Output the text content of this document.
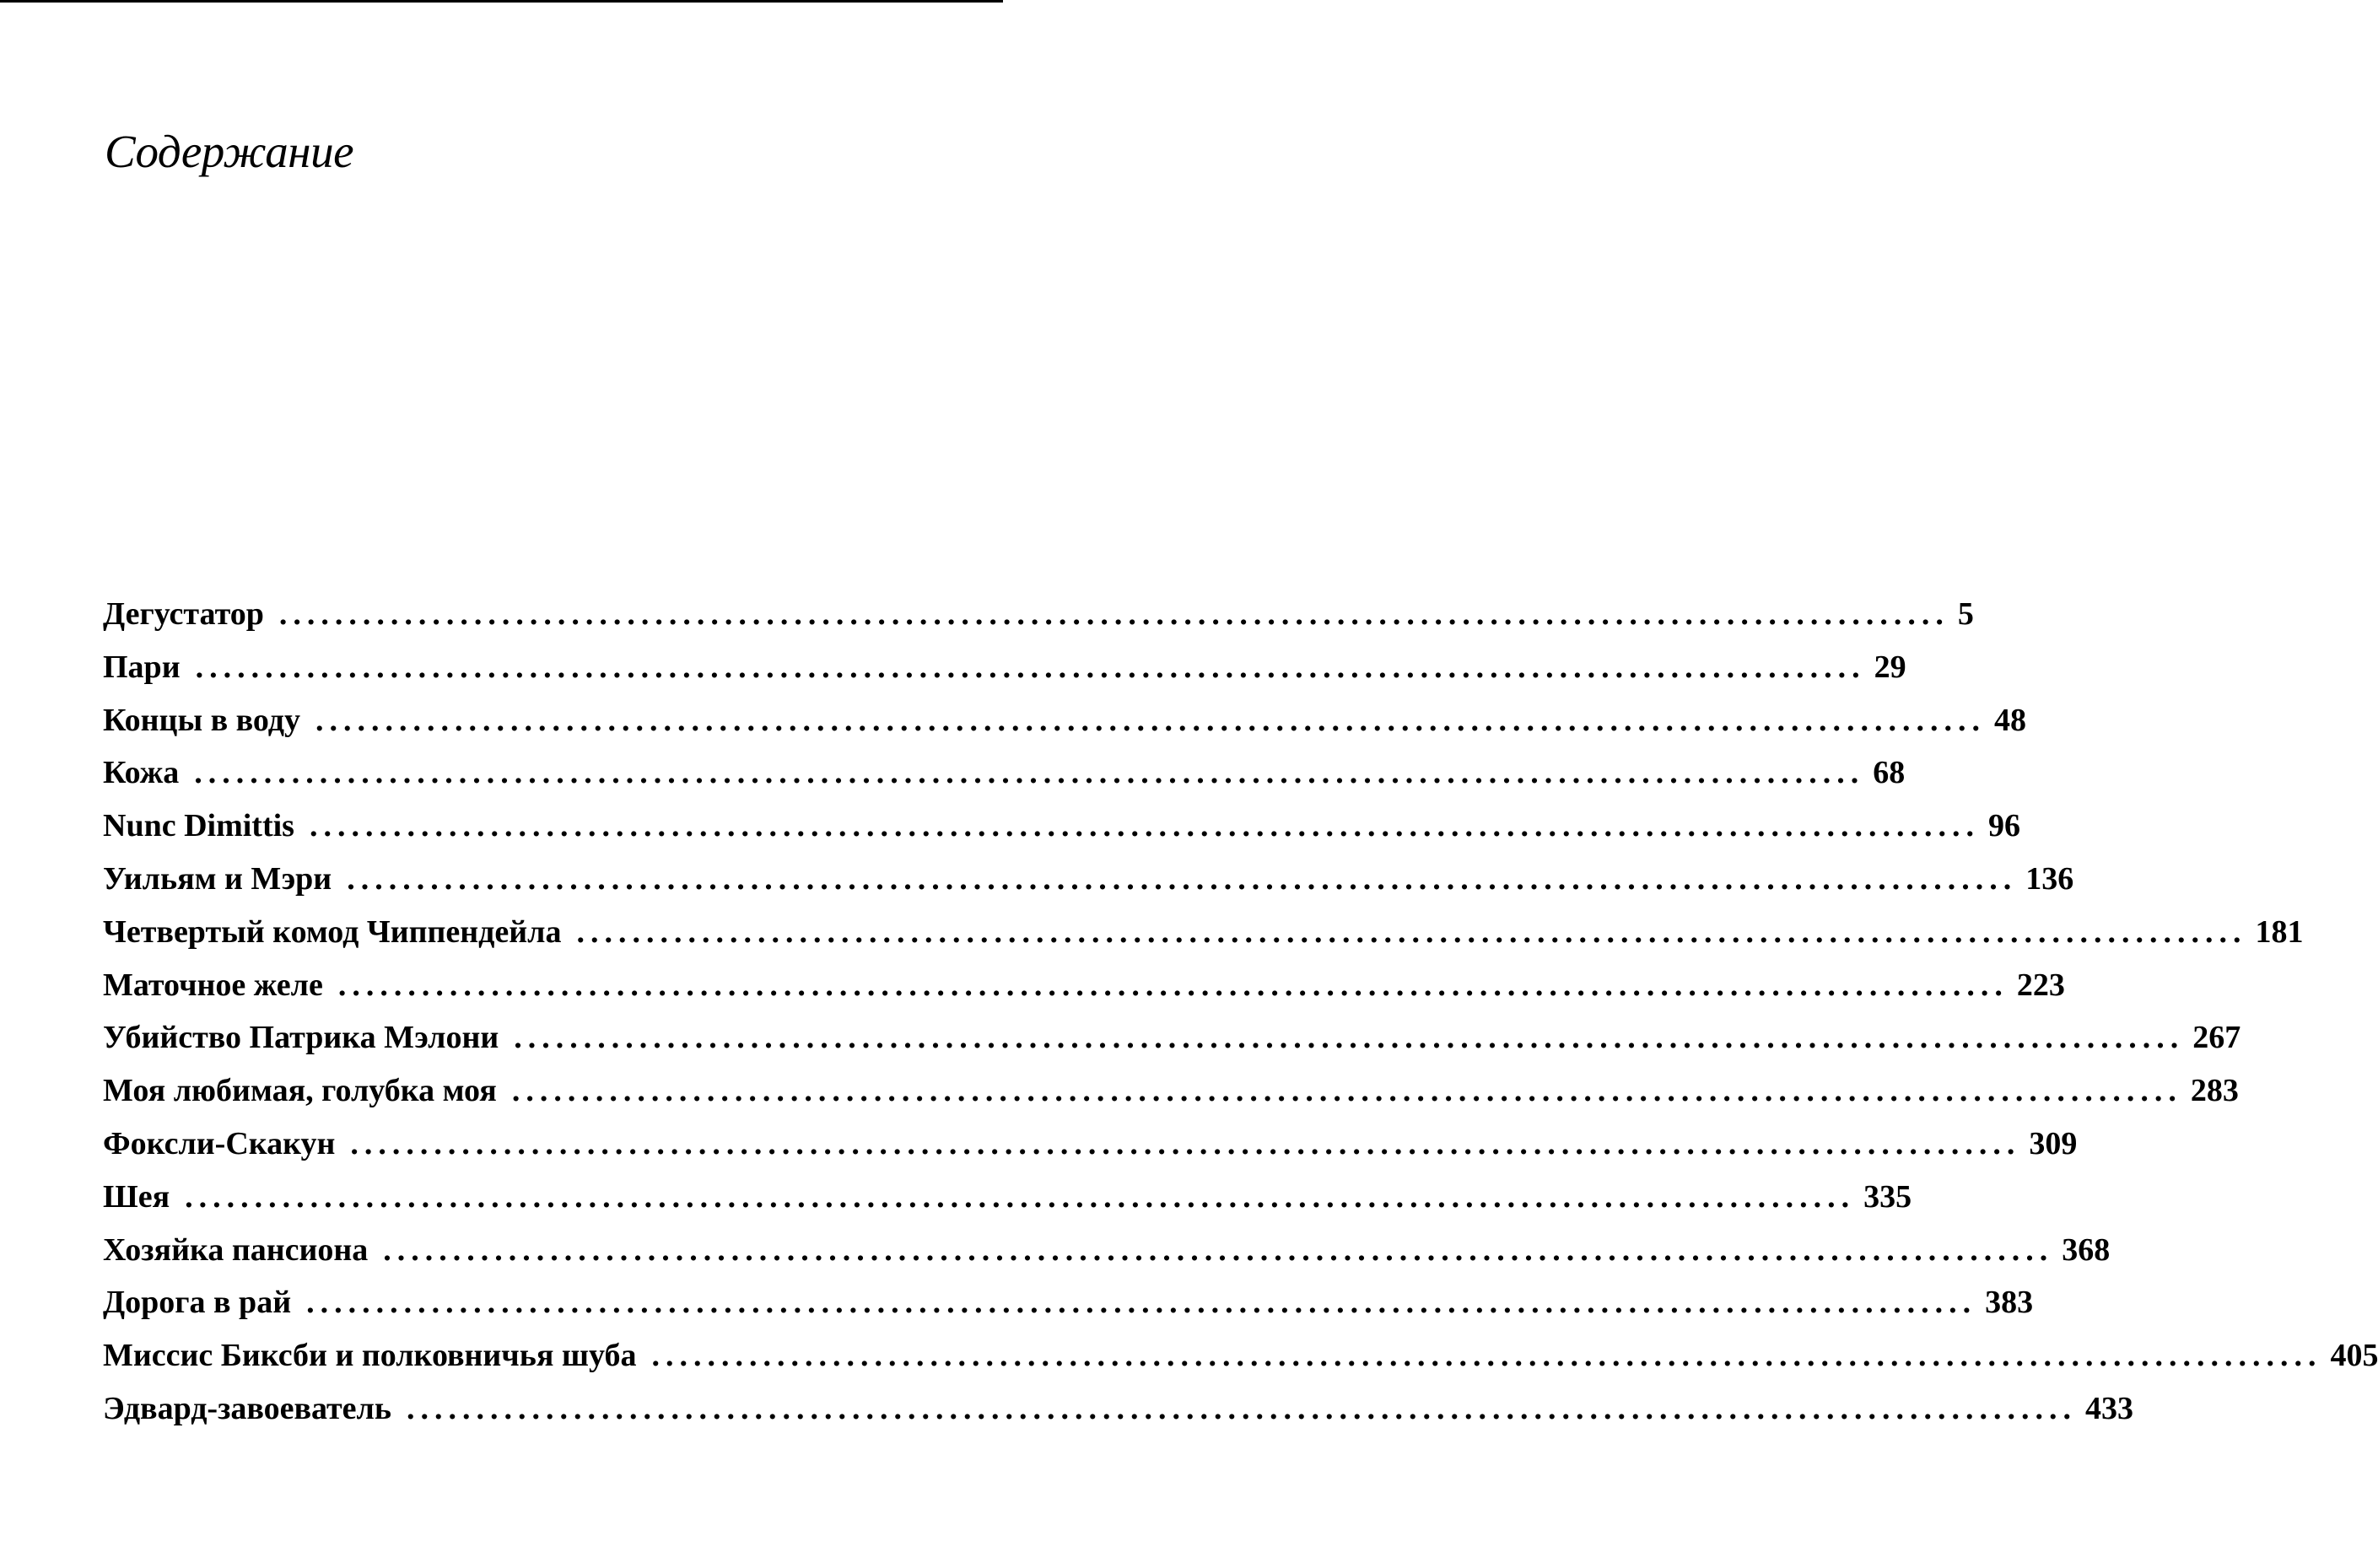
Содержание
Дегустатор ........................................................................................................................ 5
Пари ........................................................................................................................ 29
Концы в воду ........................................................................................................................ 48
Кожа ........................................................................................................................ 68
Nunc Dimittis ........................................................................................................................ 96
Уильям и Мэри ........................................................................................................................ 136
Четвертый комод Чиппендейла ........................................................................................................................ 181
Маточное желе ........................................................................................................................ 223
Убийство Патрика Мэлони ........................................................................................................................ 267
Моя любимая, голубка моя ........................................................................................................................ 283
Фоксли-Скакун ........................................................................................................................ 309
Шея ........................................................................................................................ 335
Хозяйка пансиона ........................................................................................................................ 368
Дорога в рай ........................................................................................................................ 383
Миссис Биксби и полковничья шуба ........................................................................................................................ 405
Эдвард-завоеватель ........................................................................................................................ 433
